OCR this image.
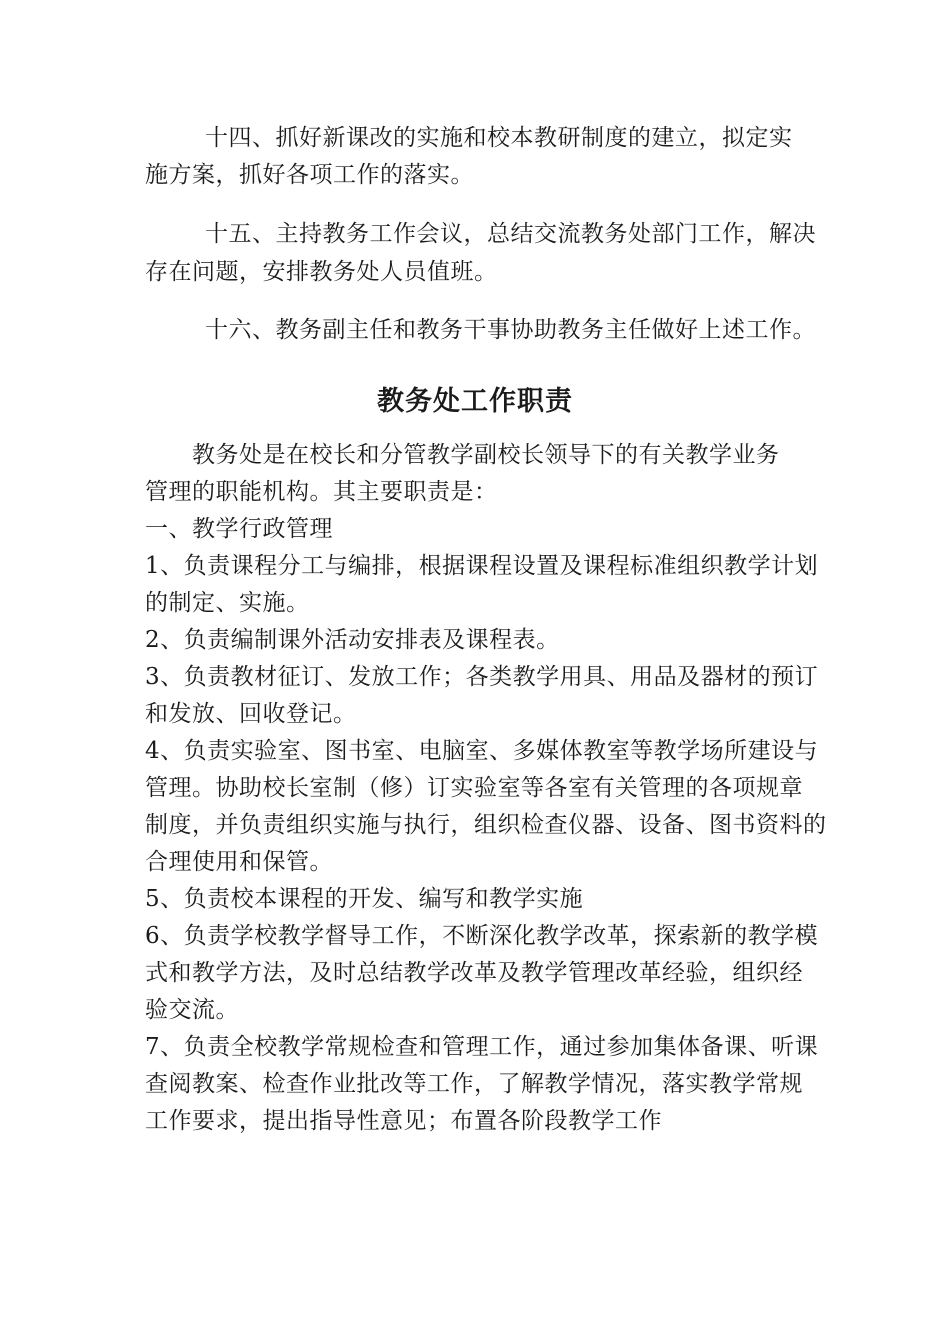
十四、抓好新课改的实施和校本教研制度的建立，拟定实
施方案，抓好各项工作的落实。
十五、主持教务工作会议，总结交流教务处部门工作，解决
存在问题，安排教务处人员值班。
十六、教务副主任和教务干事协助教务主任做好上述工作。
教务处工作职责
教务处是在校长和分管教学副校长领导下的有关教学业务
管理的职能机构。其主要职责是：
一、教学行政管理
1、负责课程分工与编排，根据课程设置及课程标准组织教学计划
的制定、实施。
2、负责编制课外活动安排表及课程表。
3、负责教材征订、发放工作；各类教学用具、用品及器材的预订
和发放、回收登记。
4、负责实验室、图书室、电脑室、多媒体教室等教学场所建设与
管理。协助校长室制（修）订实验室等各室有关管理的各项规章
制度，并负责组织实施与执行，组织检查仪器、设备、图书资料的
合理使用和保管。
5、负责校本课程的开发、编写和教学实施
6、负责学校教学督导工作，不断深化教学改革，探索新的教学模
式和教学方法，及时总结教学改革及教学管理改革经验，组织经
验交流。
7、负责全校教学常规检查和管理工作，通过参加集体备课、听课
查阅教案、检查作业批改等工作，了解教学情况，落实教学常规
工作要求，提出指导性意见；布置各阶段教学工作
